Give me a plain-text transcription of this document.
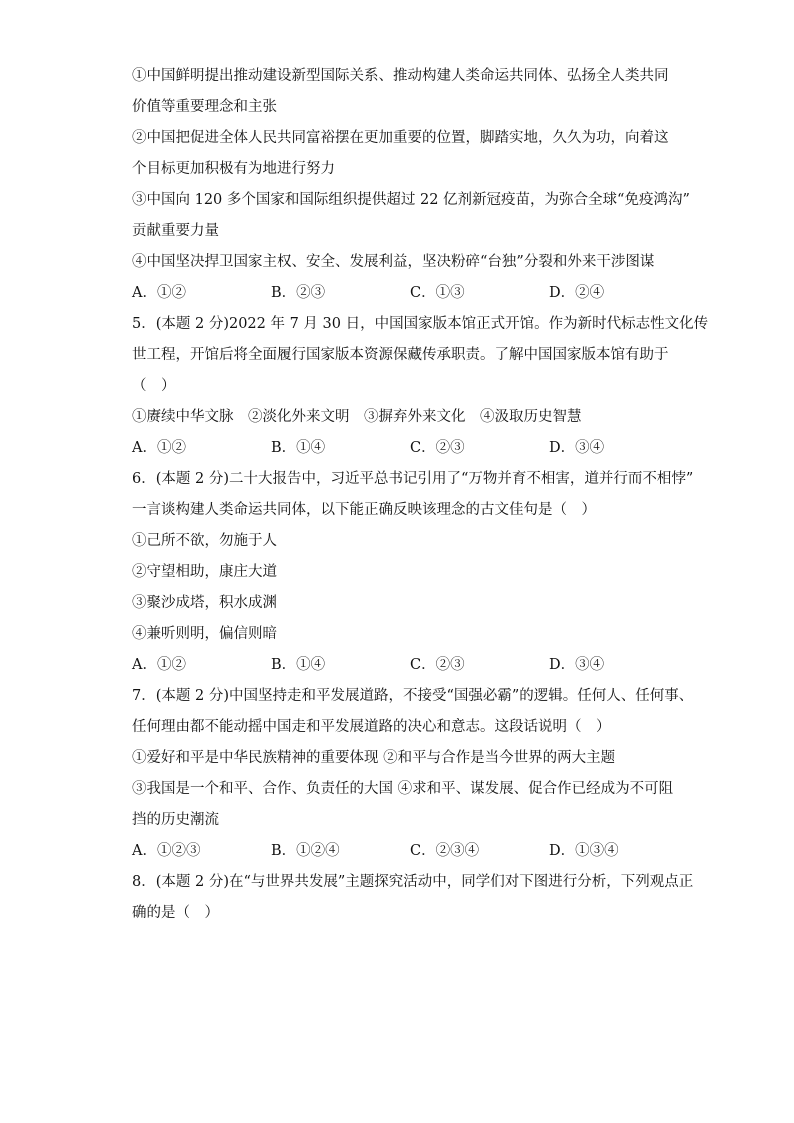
①中国鲜明提出推动建设新型国际关系、推动构建人类命运共同体、弘扬全人类共同
价值等重要理念和主张
②中国把促进全体人民共同富裕摆在更加重要的位置，脚踏实地，久久为功，向着这
个目标更加积极有为地进行努力
③中国向 120 多个国家和国际组织提供超过 22 亿剂新冠疫苗，为弥合全球“免疫鸿沟”
贡献重要力量
④中国坚决捍卫国家主权、安全、发展利益，坚决粉碎“台独”分裂和外来干涉图谋
A．①②	B．②③	C．①③	D．②④
5．(本题 2 分)2022 年 7 月 30 日，中国国家版本馆正式开馆。作为新时代标志性文化传
世工程，开馆后将全面履行国家版本资源保藏传承职责。了解中国国家版本馆有助于
（　）
①赓续中华文脉　②淡化外来文明　③摒弃外来文化　④汲取历史智慧
A．①②	B．①④	C．②③	D．③④
6．(本题 2 分)二十大报告中，习近平总书记引用了“万物并育不相害，道并行而不相悖”
一言谈构建人类命运共同体，以下能正确反映该理念的古文佳句是（　）
①己所不欲，勿施于人
②守望相助，康庄大道
③聚沙成塔，积水成渊
④兼听则明，偏信则暗
A．①②	B．①④	C．②③	D．③④
7．(本题 2 分)中国坚持走和平发展道路，不接受“国强必霸”的逻辑。任何人、任何事、
任何理由都不能动摇中国走和平发展道路的决心和意志。这段话说明（　）
①爱好和平是中华民族精神的重要体现 ②和平与合作是当今世界的两大主题
③我国是一个和平、合作、负责任的大国 ④求和平、谋发展、促合作已经成为不可阻
挡的历史潮流
A．①②③	B．①②④	C．②③④	D．①③④
8．(本题 2 分)在“与世界共发展”主题探究活动中，同学们对下图进行分析，下列观点正
确的是（　）
